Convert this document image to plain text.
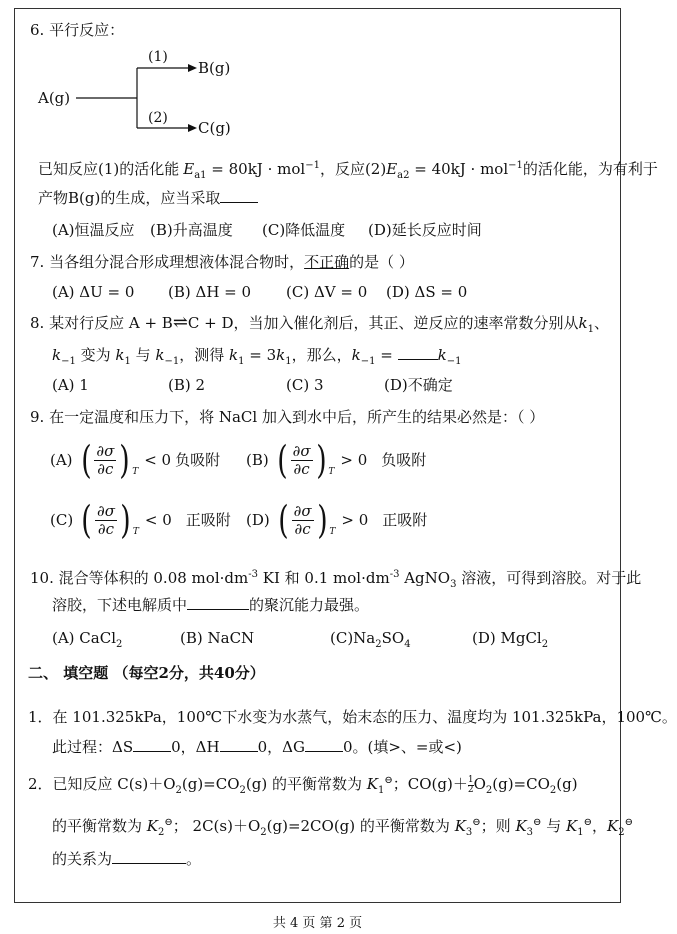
6. 平行反应：
A(g)
(1)
B(g)
(2)
C(g)
已知反应(1)的活化能 $E_{a1} = 80kJ \cdot mol^{-1}$，反应$(2)E_{a2} = 40kJ \cdot mol^{-1}$的活化能，为有利于
产物B(g)的生成，应当采取
(A)恒温反应 (B)升高温度 (C)降低温度 (D)延长反应时间
7. 当各组分混合形成理想液体混合物时，不正确的是（ ）
(A) ΔU = 0 (B) ΔH = 0 (C) ΔV = 0 (D) ΔS = 0
8. 某对行反应 A + B⇌C + D，当加入催化剂后，其正、逆反应的速率常数分别从$k_1$、
$k_{-1}$ 变为 $k_1$ 与 $k_{-1}$，测得 $k_1 = 3k_1$，那么，$k_{-1}$ =	$k_{-1}$
(A) 1	(B) 2	(C) 3	(D)不确定
9. 在一定温度和压力下，将 NaCl 加入到水中后，所产生的结果必然是：（ ）
(A) ( $\frac{\partial\sigma}{\partial c}$ ) T
< 0 负吸附 (B) ( $\frac{\partial\sigma}{\partial c}$ ) T
> 0 负吸附
(C) ( $\frac{\partial\sigma}{\partial c}$ ) T
< 0 正吸附 (D) ( $\frac{\partial\sigma}{\partial c}$ ) T
> 0 正吸附
10. 混合等体积的 0.08 $mol\cdot dm^{-3}$ KI 和 0.1 $mol\cdot dm^{-3}$ AgNO$_3$ 溶液，可得到溶胶。对于此
溶胶，下述电解质中	的聚沉能力最强。
(A) CaCl$_2$	(B) NaCN	$(C)Na_2SO_4$	(D) MgCl$_2$
二、 填空题 （每空2分，共40分）
1．在 101.325kPa，100℃下水变为水蒸气，始末态的压力、温度均为 101.325kPa，100℃。
此过程：ΔS	0，ΔH	0，ΔG	0。(填>、=或<)
2．已知反应 $C(s)+O_2(g)=CO_2(g)$ 的平衡常数为 $K_1^⊖$；$CO(g)+ \frac{1}{2} O_2(g)=CO_2(g)$
的平衡常数为 $K_2^⊖$； $2C(s)+O_2(g)=2CO(g)$ 的平衡常数为 $K_3^⊖$；则 $K_3^⊖$ 与 $K_1^⊖$，$K_2^⊖$
的关系为	。
共 4 页 第 2 页
